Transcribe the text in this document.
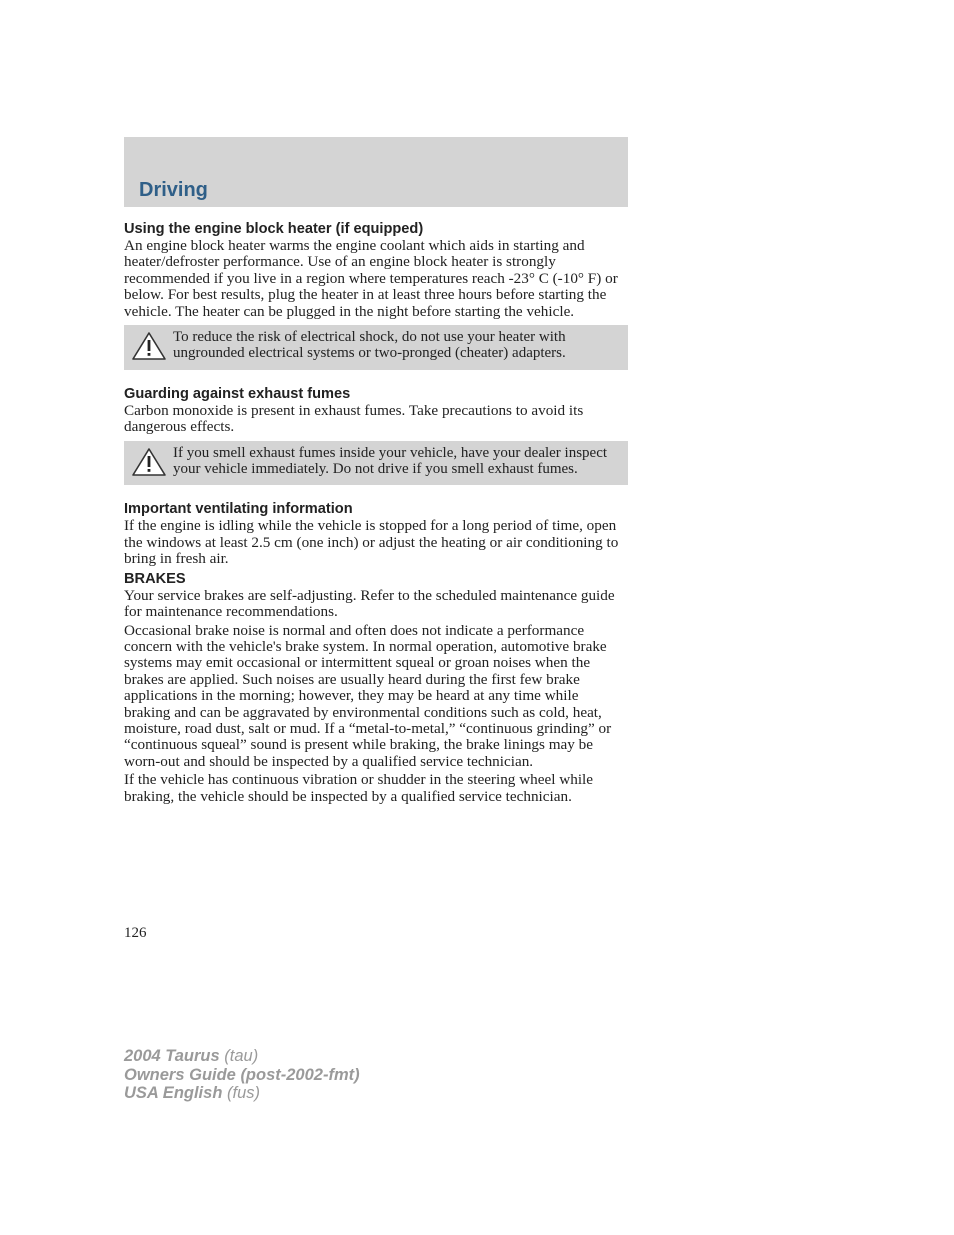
Driving
Using the engine block heater (if equipped)

An engine block heater warms the engine coolant which aids in starting and heater/defroster performance. Use of an engine block heater is strongly recommended if you live in a region where temperatures reach -23° C (-10° F) or below. For best results, plug the heater in at least three hours before starting the vehicle. The heater can be plugged in the night before starting the vehicle.

To reduce the risk of electrical shock, do not use your heater with ungrounded electrical systems or two-pronged (cheater) adapters.
Guarding against exhaust fumes

Carbon monoxide is present in exhaust fumes. Take precautions to avoid its dangerous effects.

If you smell exhaust fumes inside your vehicle, have your dealer inspect your vehicle immediately. Do not drive if you smell exhaust fumes.
Important ventilating information

If the engine is idling while the vehicle is stopped for a long period of time, open the windows at least 2.5 cm (one inch) or adjust the heating or air conditioning to bring in fresh air.

BRAKES

Your service brakes are self-adjusting. Refer to the scheduled maintenance guide for maintenance recommendations.

Occasional brake noise is normal and often does not indicate a performance concern with the vehicle's brake system. In normal operation, automotive brake systems may emit occasional or intermittent squeal or groan noises when the brakes are applied. Such noises are usually heard during the first few brake applications in the morning; however, they may be heard at any time while braking and can be aggravated by environmental conditions such as cold, heat, moisture, road dust, salt or mud. If a “metal-to-metal,” “continuous grinding” or “continuous squeal” sound is present while braking, the brake linings may be worn-out and should be inspected by a qualified service technician.

If the vehicle has continuous vibration or shudder in the steering wheel while braking, the vehicle should be inspected by a qualified service technician.

126
2004 Taurus (tau)
Owners Guide (post-2002-fmt)
USA English (fus)
